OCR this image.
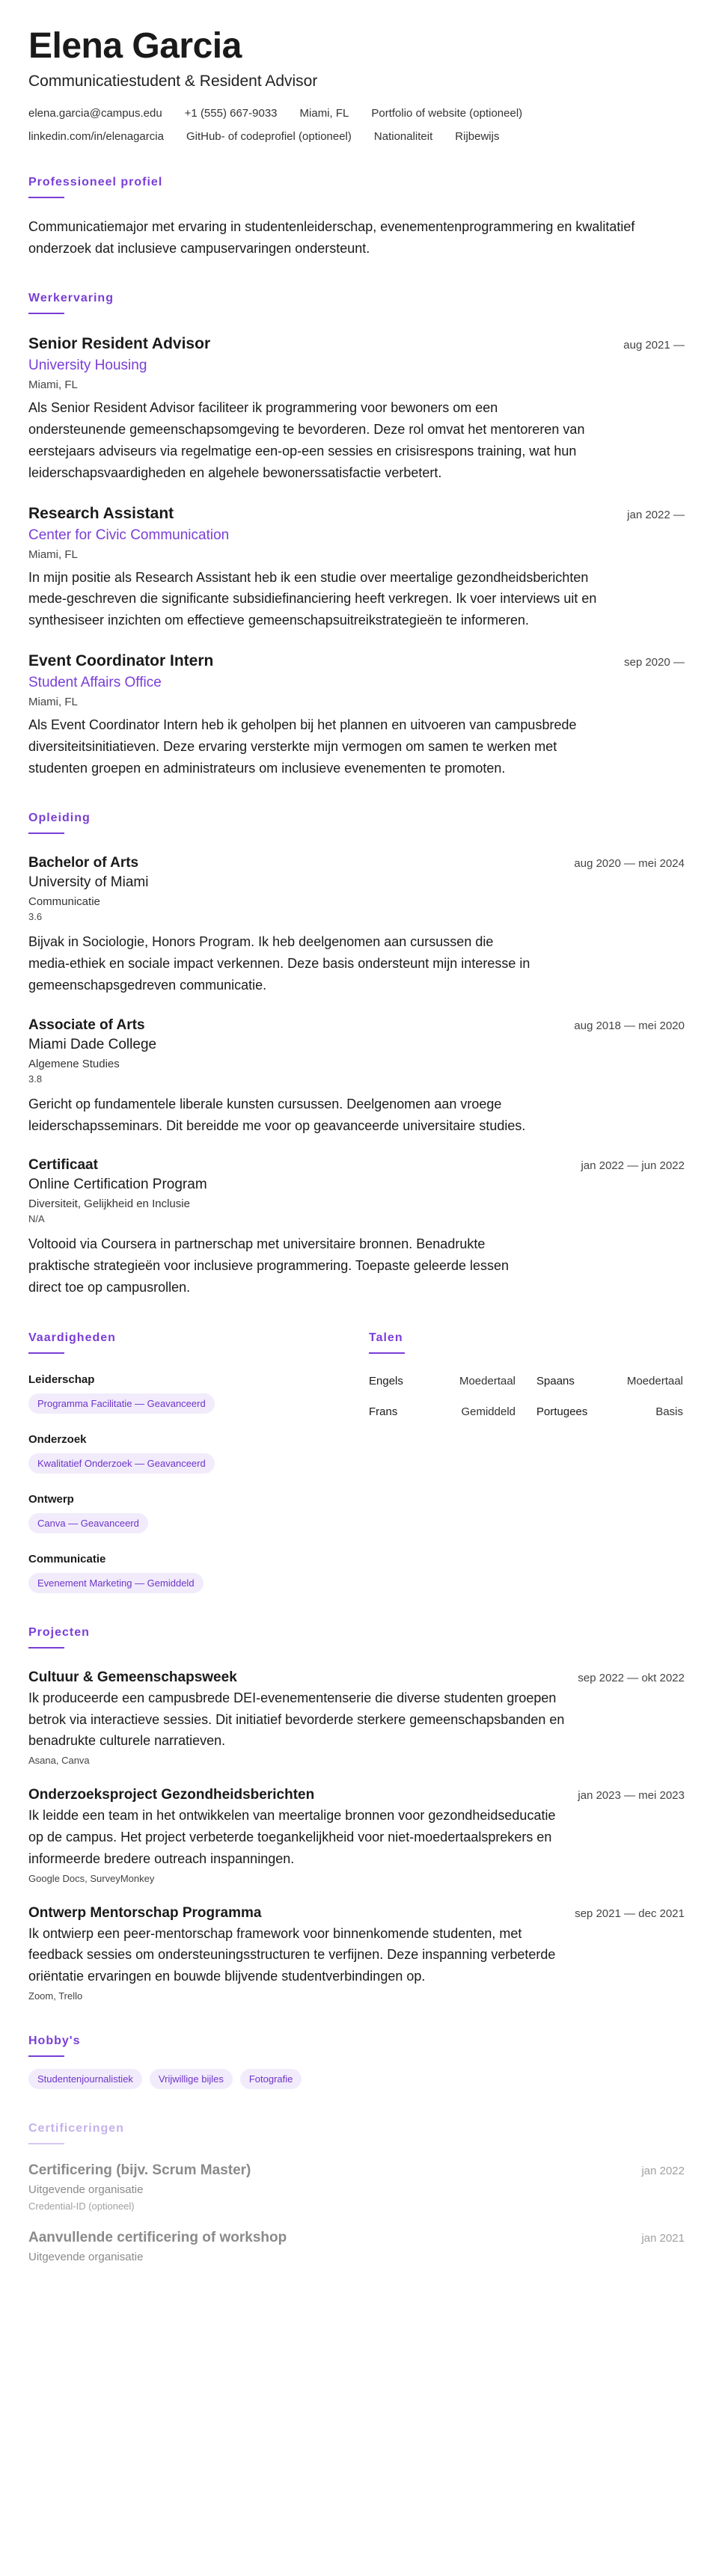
Elena Garcia
Communicatiestudent & Resident Advisor
elena.garcia@campus.edu +1 (555) 667-9033 Miami, FL Portfolio of website (optioneel)
linkedin.com/in/elenagarcia GitHub- of codeprofiel (optioneel) Nationaliteit Rijbewijs
Professioneel profiel

Communicatiemajor met ervaring in studentenleiderschap, evenementenprogrammering en kwalitatief onderzoek dat inclusieve campuservaringen ondersteunt.

Werkervaring
Senior Resident Advisor	aug 2021 —
University Housing
Miami, FL

Als Senior Resident Advisor faciliteer ik programmering voor bewoners om een ondersteunende gemeenschapsomgeving te bevorderen. Deze rol omvat het mentoreren van eerstejaars adviseurs via regelmatige een-op-een sessies en crisisrespons training, wat hun leiderschapsvaardigheden en algehele bewonerssatisfactie verbetert.

Research Assistant	jan 2022 —
Center for Civic Communication
Miami, FL

In mijn positie als Research Assistant heb ik een studie over meertalige gezondheidsberichten mede-geschreven die significante subsidiefinanciering heeft verkregen. Ik voer interviews uit en synthesiseer inzichten om effectieve gemeenschapsuitreikstrategieën te informeren.

Event Coordinator Intern	sep 2020 —
Student Affairs Office
Miami, FL

Als Event Coordinator Intern heb ik geholpen bij het plannen en uitvoeren van campusbrede diversiteitsinitiatieven. Deze ervaring versterkte mijn vermogen om samen te werken met studenten groepen en administrateurs om inclusieve evenementen te promoten.

Opleiding
Bachelor of Arts	aug 2020 — mei 2024
University of Miami
Communicatie
3.6

Bijvak in Sociologie, Honors Program. Ik heb deelgenomen aan cursussen die media-ethiek en sociale impact verkennen. Deze basis ondersteunt mijn interesse in gemeenschapsgedreven communicatie.

Associate of Arts	aug 2018 — mei 2020
Miami Dade College
Algemene Studies
3.8

Gericht op fundamentele liberale kunsten cursussen. Deelgenomen aan vroege leiderschapsseminars. Dit bereidde me voor op geavanceerde universitaire studies.

Certificaat	jan 2022 — jun 2022
Online Certification Program
Diversiteit, Gelijkheid en Inclusie
N/A

Voltooid via Coursera in partnerschap met universitaire bronnen. Benadrukte praktische strategieën voor inclusieve programmering. Toepaste geleerde lessen direct toe op campusrollen.

Vaardigheden
Leiderschap
Programma Facilitatie — Geavanceerd
Onderzoek
Kwalitatief Onderzoek — Geavanceerd
Ontwerp
Canva — Geavanceerd
Communicatie
Evenement Marketing — Gemiddeld
Talen
Engels	Moedertaal Spaans	Moedertaal
Frans	Gemiddeld Portugees	Basis
Projecten
Cultuur & Gemeenschapsweek	sep 2022 — okt 2022

Ik produceerde een campusbrede DEI-evenementenserie die diverse studenten groepen betrok via interactieve sessies. Dit initiatief bevorderde sterkere gemeenschapsbanden en benadrukte culturele narratieven.

Asana, Canva
Onderzoeksproject Gezondheidsberichten	jan 2023 — mei 2023

Ik leidde een team in het ontwikkelen van meertalige bronnen voor gezondheidseducatie op de campus. Het project verbeterde toegankelijkheid voor niet-moedertaalsprekers en informeerde bredere outreach inspanningen.

Google Docs, SurveyMonkey
Ontwerp Mentorschap Programma	sep 2021 — dec 2021

Ik ontwierp een peer-mentorschap framework voor binnenkomende studenten, met feedback sessies om ondersteuningsstructuren te verfijnen. Deze inspanning verbeterde oriëntatie ervaringen en bouwde blijvende studentverbindingen op.

Zoom, Trello
Hobby's
Studentenjournalistiek	Vrijwillige bijles	Fotografie
Certificeringen
Certificering (bijv. Scrum Master)	jan 2022
Uitgevende organisatie
Credential-ID (optioneel)
Aanvullende certificering of workshop	jan 2021
Uitgevende organisatie
